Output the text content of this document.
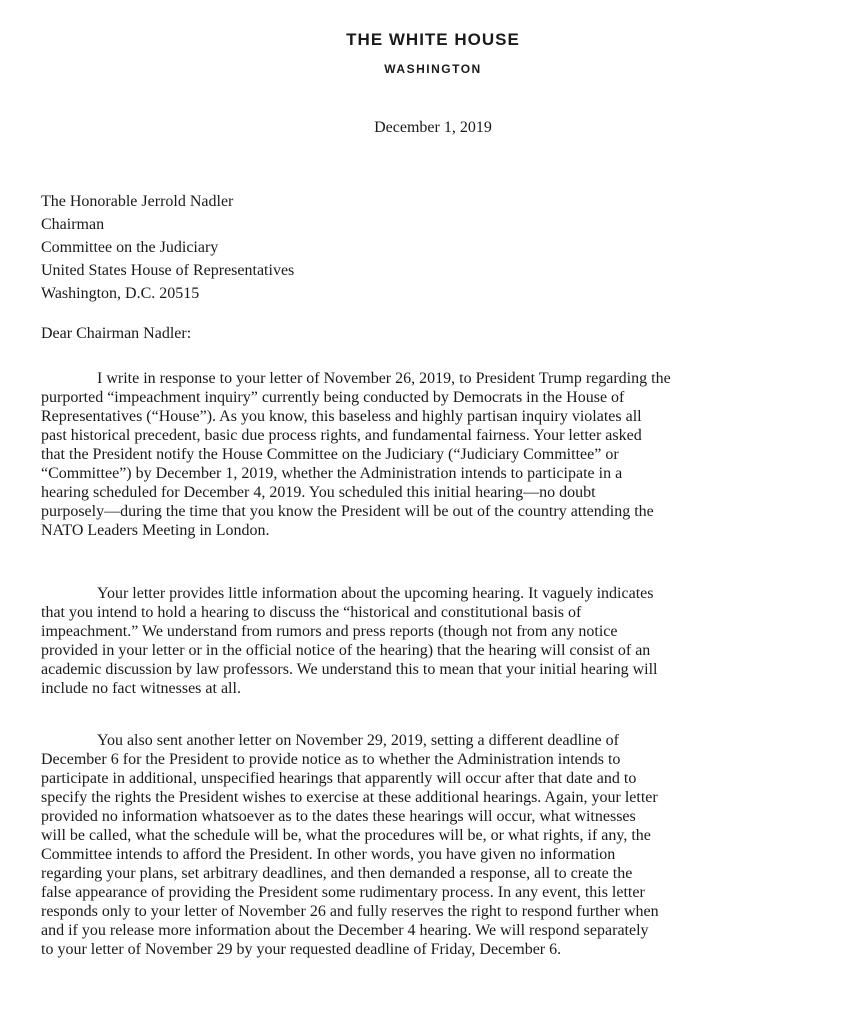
THE WHITE HOUSE
WASHINGTON
December 1, 2019
The Honorable Jerrold Nadler
Chairman
Committee on the Judiciary
United States House of Representatives
Washington, D.C. 20515
Dear Chairman Nadler:
I write in response to your letter of November 26, 2019, to President Trump regarding the
purported “impeachment inquiry” currently being conducted by Democrats in the House of
Representatives (“House”). As you know, this baseless and highly partisan inquiry violates all
past historical precedent, basic due process rights, and fundamental fairness. Your letter asked
that the President notify the House Committee on the Judiciary (“Judiciary Committee” or
“Committee”) by December 1, 2019, whether the Administration intends to participate in a
hearing scheduled for December 4, 2019. You scheduled this initial hearing—no doubt
purposely—during the time that you know the President will be out of the country attending the
NATO Leaders Meeting in London.
Your letter provides little information about the upcoming hearing. It vaguely indicates
that you intend to hold a hearing to discuss the “historical and constitutional basis of
impeachment.” We understand from rumors and press reports (though not from any notice
provided in your letter or in the official notice of the hearing) that the hearing will consist of an
academic discussion by law professors. We understand this to mean that your initial hearing will
include no fact witnesses at all.
You also sent another letter on November 29, 2019, setting a different deadline of
December 6 for the President to provide notice as to whether the Administration intends to
participate in additional, unspecified hearings that apparently will occur after that date and to
specify the rights the President wishes to exercise at these additional hearings. Again, your letter
provided no information whatsoever as to the dates these hearings will occur, what witnesses
will be called, what the schedule will be, what the procedures will be, or what rights, if any, the
Committee intends to afford the President. In other words, you have given no information
regarding your plans, set arbitrary deadlines, and then demanded a response, all to create the
false appearance of providing the President some rudimentary process. In any event, this letter
responds only to your letter of November 26 and fully reserves the right to respond further when
and if you release more information about the December 4 hearing. We will respond separately
to your letter of November 29 by your requested deadline of Friday, December 6.
